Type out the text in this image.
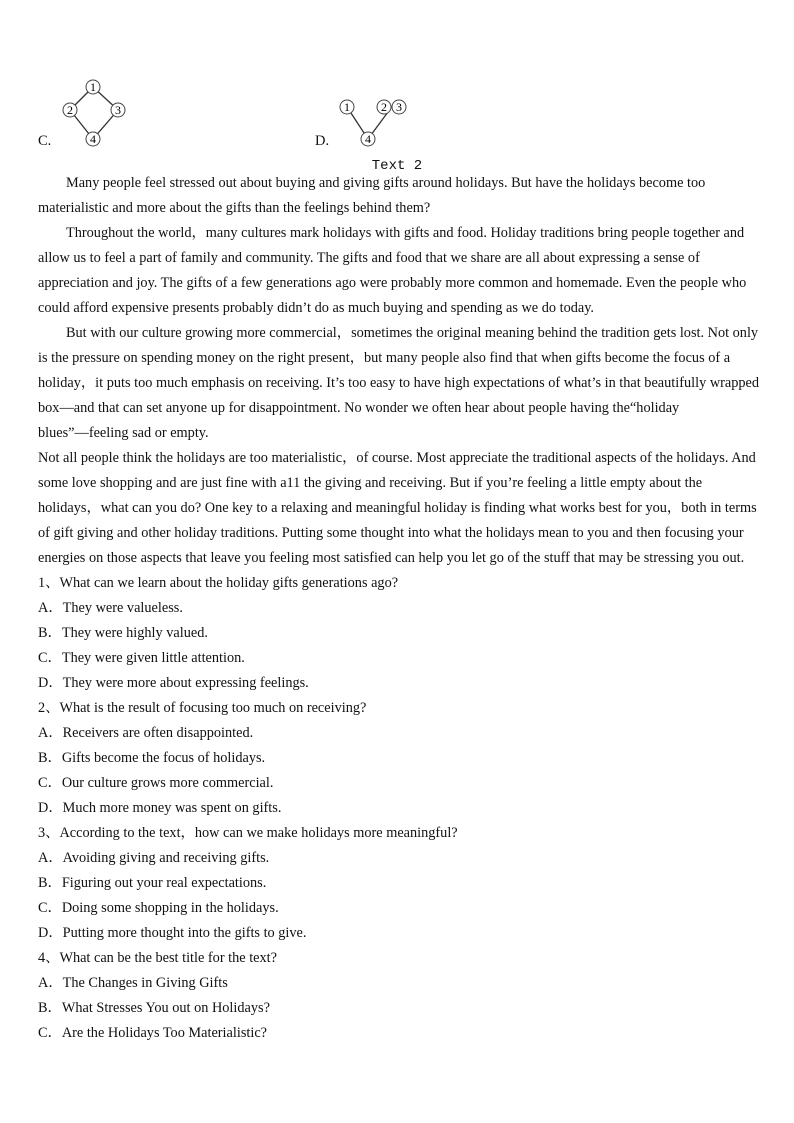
C.
1
2	3
4	D.
1	2 3
4
Text 2
Many people feel stressed out about buying and giving gifts around holidays. But have the holidays become too
materialistic and more about the gifts than the feelings behind them?
Throughout the world，many cultures mark holidays with gifts and food. Holiday traditions bring people together and
allow us to feel a part of family and community. The gifts and food that we share are all about expressing a sense of
appreciation and joy. The gifts of a few generations ago were probably more common and homemade. Even the people who
could afford expensive presents probably didn’t do as much buying and spending as we do today.
But with our culture growing more commercial，sometimes the original meaning behind the tradition gets lost. Not only
is the pressure on spending money on the right present，but many people also find that when gifts become the focus of a
holiday，it puts too much emphasis on receiving. It’s too easy to have high expectations of what’s in that beautifully wrapped
box—and that can set anyone up for disappointment. No wonder we often hear about people having the“holiday
blues”—feeling sad or empty.
Not all people think the holidays are too materialistic，of course. Most appreciate the traditional aspects of the holidays. And
some love shopping and are just fine with a11 the giving and receiving. But if you’re feeling a little empty about the
holidays，what can you do? One key to a relaxing and meaningful holiday is finding what works best for you，both in terms
of gift giving and other holiday traditions. Putting some thought into what the holidays mean to you and then focusing your
energies on those aspects that leave you feeling most satisfied can help you let go of the stuff that may be stressing you out.
1、What can we learn about the holiday gifts generations ago?
A．They were valueless.
B．They were highly valued.
C．They were given little attention.
D．They were more about expressing feelings.
2、What is the result of focusing too much on receiving?
A．Receivers are often disappointed.
B．Gifts become the focus of holidays.
C．Our culture grows more commercial.
D．Much more money was spent on gifts.
3、According to the text，how can we make holidays more meaningful?
A．Avoiding giving and receiving gifts.
B．Figuring out your real expectations.
C．Doing some shopping in the holidays.
D．Putting more thought into the gifts to give.
4、What can be the best title for the text?
A．The Changes in Giving Gifts
B．What Stresses You out on Holidays?
C．Are the Holidays Too Materialistic?
